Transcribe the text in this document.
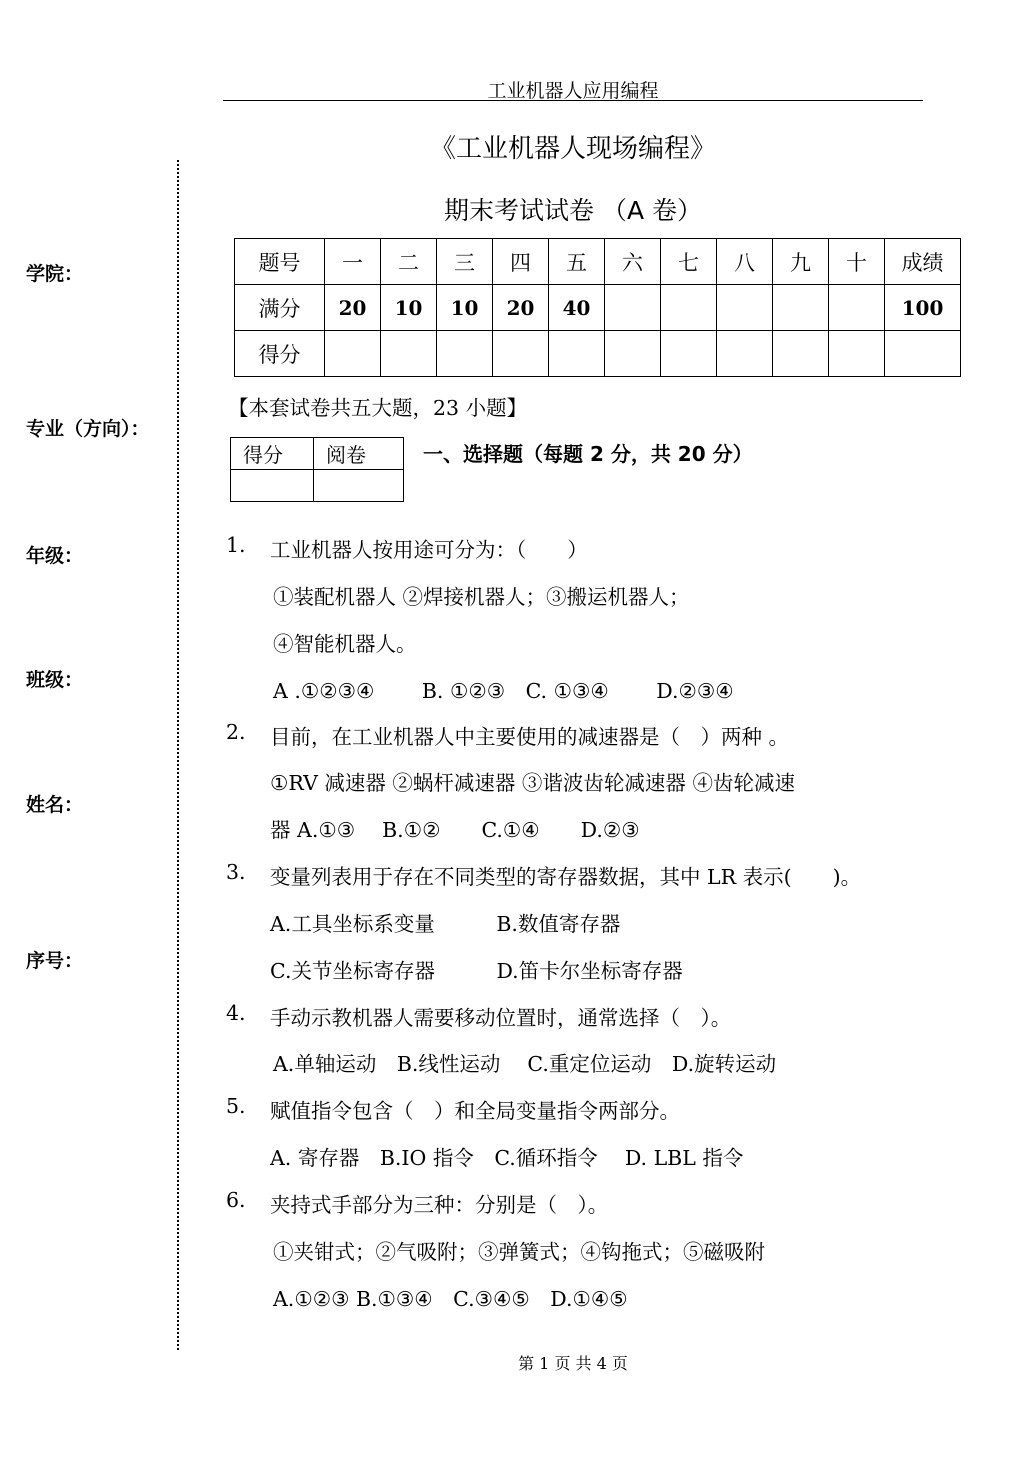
工业机器人应用编程
《工业机器人现场编程》
期末考试试卷 （A 卷）
学院：
专业（方向）：
年级：
班级：
姓名：
序号：
题号	一	二	三	四	五	六	七	八	九	十	成绩
满分	20	10	10	20	40						100
得分											
【本套试卷共五大题，23 小题】
得分	阅卷
		一、选择题（每题 2 分，共 20 分）
1. 工业机器人按用途可分为：（　　）
①装配机器人 ②焊接机器人；③搬运机器人；
④智能机器人。
A .①②③④　　 B. ①②③　C. ①③④　　 D.②③④
2. 目前，在工业机器人中主要使用的减速器是（　）两种 。
①RV 减速器 ②蜗杆减速器 ③谐波齿轮减速器 ④齿轮减速
器 A.①③　 B.①②　　C.①④　　D.②③
3. 变量列表用于存在不同类型的寄存器数据，其中 LR 表示(　　)。
A.工具坐标系变量　　　B.数值寄存器
C.关节坐标寄存器　　　D.笛卡尔坐标寄存器
4. 手动示教机器人需要移动位置时，通常选择（　）。
A.单轴运动　B.线性运动　 C.重定位运动　D.旋转运动
5. 赋值指令包含（　）和全局变量指令两部分。
A. 寄存器　B.IO 指令　C.循环指令　 D. LBL 指令
6. 夹持式手部分为三种：分别是（　）。
①夹钳式；②气吸附；③弹簧式；④钩拖式；⑤磁吸附
A.①②③ B.①③④　C.③④⑤　D.①④⑤
第 1 页 共 4 页
